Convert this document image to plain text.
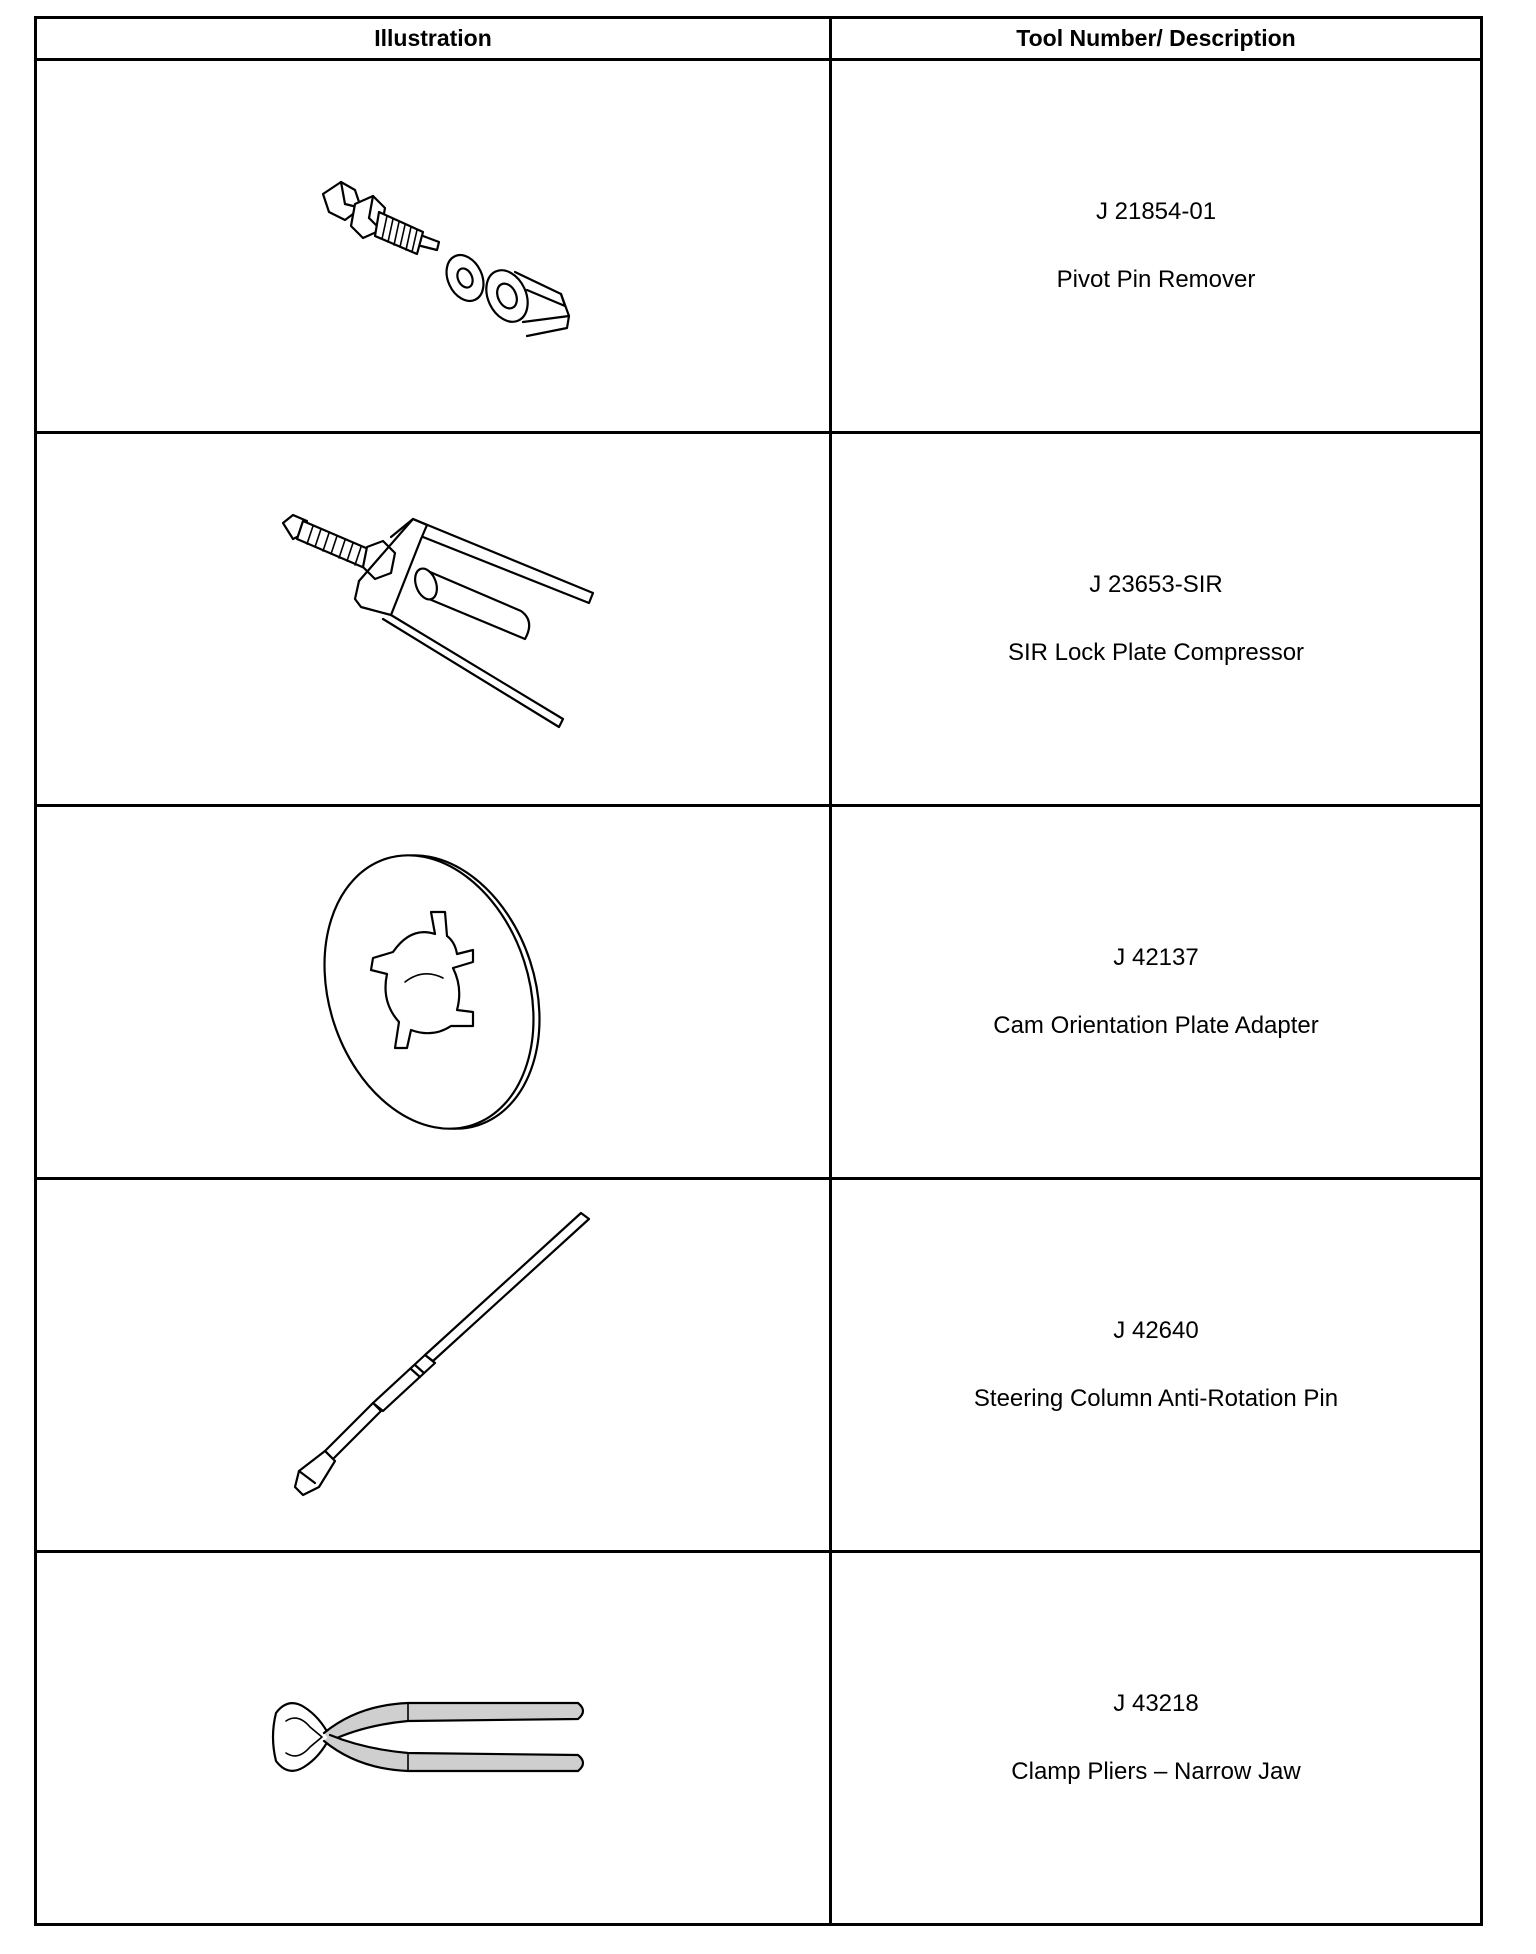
Illustration	Tool Number/ Description

J 21854-01
Pivot Pin Remover

J 23653-SIR
SIR Lock Plate Compressor

J 42137
Cam Orientation Plate Adapter

J 42640
Steering Column Anti-Rotation Pin

J 43218
Clamp Pliers – Narrow Jaw
